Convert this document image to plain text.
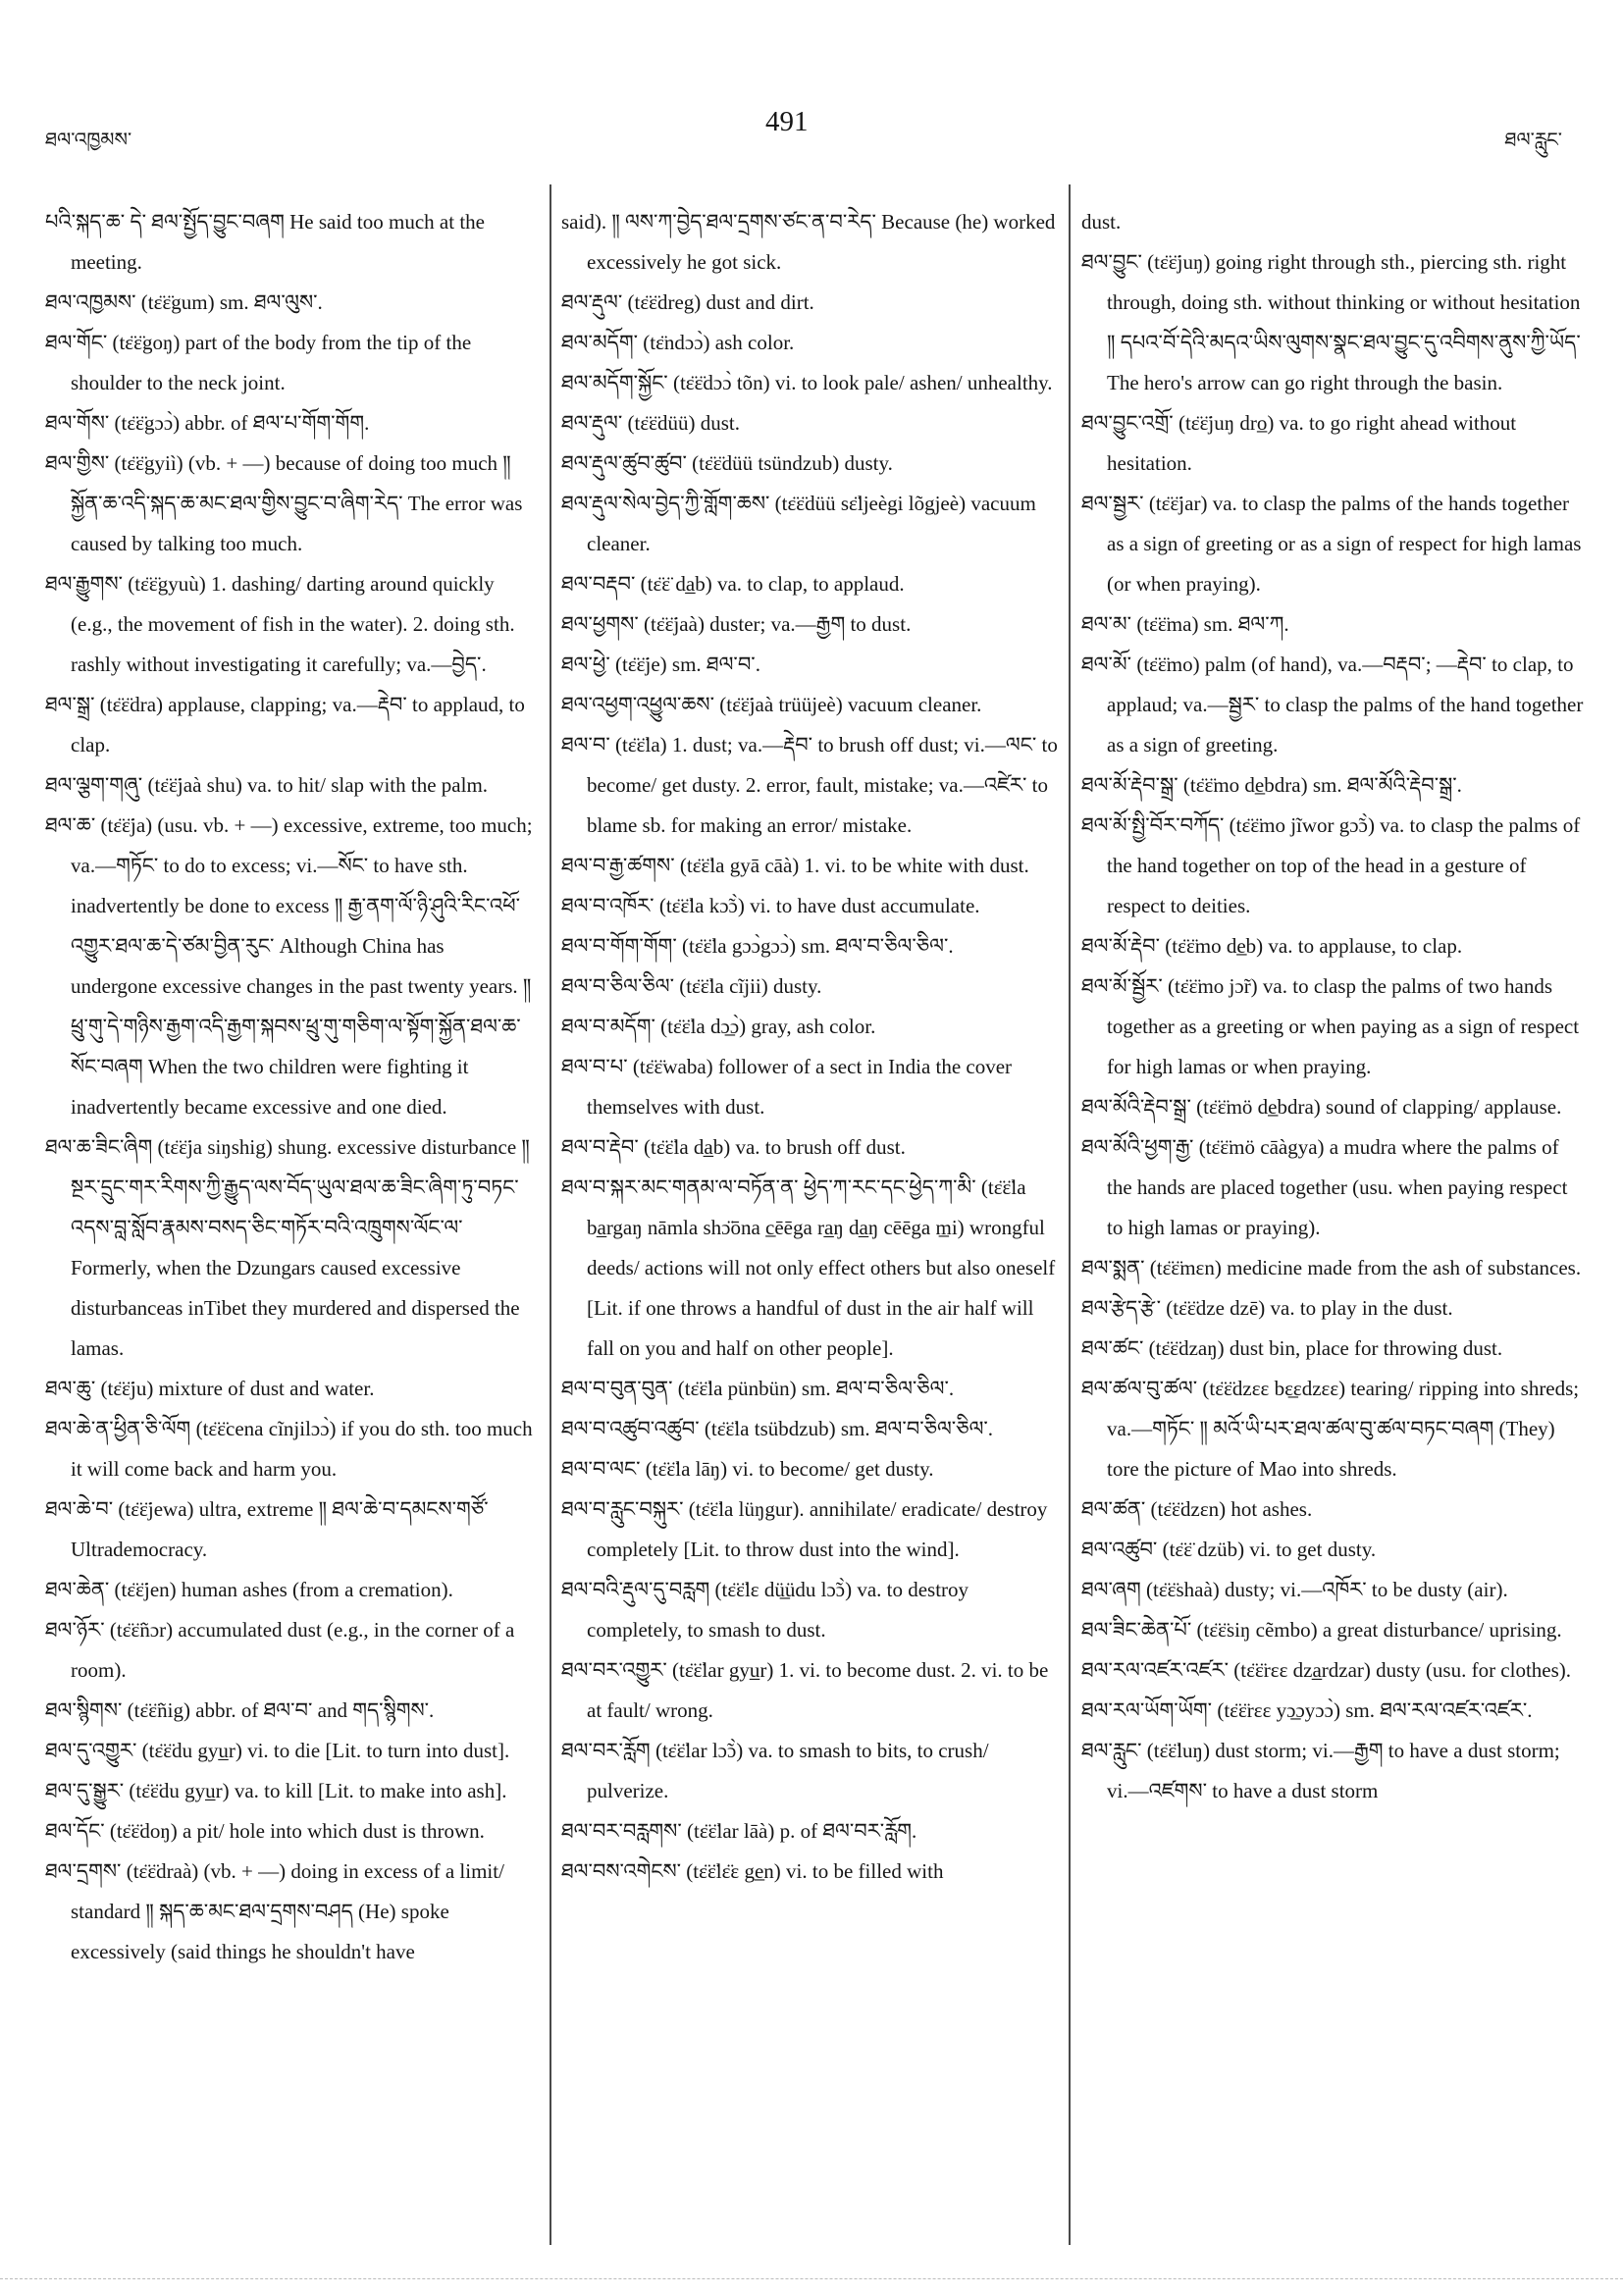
ཐལ་འཁྱམས་
491
ཐལ་རླུང་

པའི་སྐད་ཆ་ དེ་ ཐལ་སྤྱོད་བྱུང་བཞག He said too much at the meeting.

ཐལ་འཁྱམས་ (tɛ̈ɛ̈gum) sm. ཐལ་ལུས་.

ཐལ་གོང་ (tɛ̈ɛ̈goŋ) part of the body from the tip of the shoulder to the neck joint.

ཐལ་གོས་ (tɛ̈ɛ̈gɔɔ̀) abbr. of ཐལ་པ་གོག་གོག.

ཐལ་གྱིས་ (tɛ̈ɛ̈gyiì) (vb. + —) because of doing too much ༎ སྐྱོན་ཆ་འདི་སྐད་ཆ་མང་ཐལ་གྱིས་བྱུང་བ་ཞིག་རེད་ The error was caused by talking too much.

ཐལ་རྒྱུགས་ (tɛ̈ɛ̈gyuù) 1. dashing/ darting around quickly (e.g., the movement of fish in the water). 2. doing sth. rashly without investigating it carefully; va.—བྱེད་.

ཐལ་སྒྲ་ (tɛ̈ɛ̈dra) applause, clapping; va.—རྡེབ་ to applaud, to clap.

ཐལ་ལྕག་གཞུ་ (tɛ̈ɛ̈jaà shu) va. to hit/ slap with the palm.

ཐལ་ཆ་ (tɛ̈ɛ̈ja) (usu. vb. + —) excessive, extreme, too much; va.—གཏོང་ to do to excess; vi.—སོང་ to have sth. inadvertently be done to excess ༎ རྒྱ་ནག་ལོ་ཉི་ཤུའི་རིང་འཕོ་འགྱུར་ཐལ་ཆ་དེ་ཙམ་བྱིན་རུང་ Although China has undergone excessive changes in the past twenty years. ༎ ཕྲུ་གུ་དེ་གཉིས་རྒྱག་འདི་རྒྱག་སྐབས་ཕྲུ་གུ་གཅིག་ལ་སྟོག་སྐྱོན་ཐལ་ཆ་སོང་བཞག When the two children were fighting it inadvertently became excessive and one died.

ཐལ་ཆ་ཟིང་ཞིག (tɛ̈ɛ̈ja siŋshig) shung. excessive disturbance ༎ སྔར་དྲུང་གར་རིགས་ཀྱི་རྒྱུད་ལས་བོད་ཡུལ་ཐལ་ཆ་ཟིང་ཞིག་ཏུ་བཏང་འདས་བླ་སློབ་རྣམས་བསད་ཅིང་གཏོར་བའི་འཁྲུགས་ལོང་ལ་ Formerly, when the Dzungars caused excessive disturbanceas inTibet they murdered and dispersed the lamas.

ཐལ་ཆུ་ (tɛ̈ɛ̈ju) mixture of dust and water.

ཐལ་ཆེ་ན་ཕྱིན་ཅི་ལོག (tɛ̈ɛ̈cena cĩnjilɔɔ̀) if you do sth. too much it will come back and harm you.

ཐལ་ཆེ་བ་ (tɛ̈ɛ̈jewa) ultra, extreme ༎ ཐལ་ཆེ་བ་དམངས་གཙོ་ Ultrademocracy.

ཐལ་ཆེན་ (tɛ̈ɛ̈jen) human ashes (from a cremation).

ཐལ་ཉོར་ (tɛ̈ɛ̈ñɔr) accumulated dust (e.g., in the corner of a room).

ཐལ་སྙིགས་ (tɛ̈ɛ̈ñig) abbr. of ཐལ་བ་ and གད་སྙིགས་.

ཐལ་དུ་འགྱུར་ (tɛ̈ɛ̈du gyu̲r) vi. to die [Lit. to turn into dust].

ཐལ་དུ་སྒྱུར་ (tɛ̈ɛ̈du gyu̲r) va. to kill [Lit. to make into ash].

ཐལ་དོང་ (tɛ̈ɛ̈doŋ) a pit/ hole into which dust is thrown.

ཐལ་དྲགས་ (tɛ̈ɛ̈draà) (vb. + —) doing in excess of a limit/ standard ༎ སྐད་ཆ་མང་ཐལ་དྲགས་བཤད (He) spoke excessively (said things he shouldn't have

said). ༎ ལས་ཀ་བྱེད་ཐལ་དྲགས་ཙང་ན་བ་རེད་ Because (he) worked excessively he got sick.

ཐལ་རྡུལ་ (tɛ̈ɛ̈dreg) dust and dirt.

ཐལ་མདོག་ (tɛ̈ndɔɔ̀) ash color.

ཐལ་མདོག་སྐྱོང་ (tɛ̈ɛ̈dɔɔ̀ tõn) vi. to look pale/ ashen/ unhealthy.

ཐལ་རྡུལ་ (tɛ̈ɛ̈düü) dust.

ཐལ་རྡུལ་ཚུབ་ཚུབ་ (tɛ̈ɛ̈düü tsündzub) dusty.

ཐལ་རྡུལ་སེལ་བྱེད་ཀྱི་གློག་ཆས་ (tɛ̈ɛ̈düü sɛ̈ljeègi lõgjeè) vacuum cleaner.

ཐལ་བརྡབ་ (tɛ̈ɛ̈ da̲b) va. to clap, to applaud.

ཐལ་ཕྱགས་ (tɛ̈ɛ̈jaà) duster; va.—རྒྱག to dust.

ཐལ་ཕྱེ་ (tɛ̈ɛ̈je) sm. ཐལ་བ་.

ཐལ་འཕྱག་འཕྱུལ་ཆས་ (tɛ̈ɛ̈jaà trüüjeè) vacuum cleaner.

ཐལ་བ་ (tɛ̈ɛ̈la) 1. dust; va.—རྡེབ་ to brush off dust; vi.—ལང་ to become/ get dusty. 2. error, fault, mistake; va.—འཛེར་ to blame sb. for making an error/ mistake.

ཐལ་བ་རྒྱ་ཚགས་ (tɛ̈ɛ̈la gyā cāà) 1. vi. to be white with dust.

ཐལ་བ་འཁོར་ (tɛ̈ɛ̈la kɔ̃ɔ̀) vi. to have dust accumulate.

ཐལ་བ་གོག་གོག་ (tɛ̈ɛ̈la gɔɔ̀gɔɔ̀) sm. ཐལ་བ་ཅིལ་ཅིལ་.

ཐལ་བ་ཅིལ་ཅིལ་ (tɛ̈ɛ̈la cĩjii) dusty.

ཐལ་བ་མདོག་ (tɛ̈ɛ̈la dɔ̲ɔ̀) gray, ash color.

ཐལ་བ་པ་ (tɛ̈ɛ̈waba) follower of a sect in India the cover themselves with dust.

ཐལ་བ་རྡེབ་ (tɛ̈ɛ̈la da̲b) va. to brush off dust.

ཐལ་བ་སྐར་མང་གནམ་ལ་བཏོན་ན་ ཕྱེད་ཀ་རང་དང་ཕྱེད་ཀ་མི་ (tɛ̈ɛ̈la ba̲rgaŋ nāmla shɔ̈ōna c̲ēēga ra̲ŋ da̲ŋ cēēga m̲i) wrongful deeds/ actions will not only effect others but also oneself [Lit. if one throws a handful of dust in the air half will fall on you and half on other people].

ཐལ་བ་བུན་བུན་ (tɛ̈ɛ̈la pünbün) sm. ཐལ་བ་ཅིལ་ཅིལ་.

ཐལ་བ་འཚུབ་འཚུབ་ (tɛ̈ɛ̈la tsübdzub) sm. ཐལ་བ་ཅིལ་ཅིལ་.

ཐལ་བ་ལང་ (tɛ̈ɛ̈la lāŋ) vi. to become/ get dusty.

ཐལ་བ་རླུང་བསྐུར་ (tɛ̈ɛ̈la lüŋgur). annihilate/ eradicate/ destroy completely [Lit. to throw dust into the wind].

ཐལ་བའི་རྡུལ་དུ་བརླག (tɛ̈ɛ̈lɛ dü̲üdu lɔ̃ɔ̀) va. to destroy completely, to smash to dust.

ཐལ་བར་འགྱུར་ (tɛ̈ɛ̈lar gyu̲r) 1. vi. to become dust. 2. vi. to be at fault/ wrong.

ཐལ་བར་རློག (tɛ̈ɛ̈lar lɔ̃ɔ̀) va. to smash to bits, to crush/ pulverize.

ཐལ་བར་བརླགས་ (tɛ̈ɛ̈lar lāà) p. of ཐལ་བར་རློག.

ཐལ་བས་འགེངས་ (tɛ̈ɛ̈lɛ̈ɛ ge̲n) vi. to be filled with

dust.

ཐལ་བྱུང་ (tɛ̈ɛ̈juŋ) going right through sth., piercing sth. right through, doing sth. without thinking or without hesitation ༎ དཔའ་བོ་དེའི་མདའ་ཡིས་ལུགས་སྣང་ཐལ་བྱུང་དུ་འབིགས་ནུས་ཀྱི་ཡོད་ The hero's arrow can go right through the basin.

ཐལ་བྱུང་འགྲོ་ (tɛ̈ɛ̈juŋ dro̲) va. to go right ahead without hesitation.

ཐལ་སྦྱར་ (tɛ̈ɛ̈jar) va. to clasp the palms of the hands together as a sign of greeting or as a sign of respect for high lamas (or when praying).

ཐལ་མ་ (tɛ̈ɛ̈ma) sm. ཐལ་ཀ.

ཐལ་མོ་ (tɛ̈ɛ̈mo) palm (of hand), va.—བརྡབ་; —རྡེབ་ to clap, to applaud; va.—སྦྱར་ to clasp the palms of the hand together as a sign of greeting.

ཐལ་མོ་རྡེབ་སྒྲ་ (tɛ̈ɛ̈mo de̲bdra) sm. ཐལ་མོའི་རྡེབ་སྒྲ་.

ཐལ་མོ་སྤྱི་བོར་བཀོད་ (tɛ̈ɛ̈mo jĩwor gɔ̃ɔ̀) va. to clasp the palms of the hand together on top of the head in a gesture of respect to deities.

ཐལ་མོ་རྡེབ་ (tɛ̈ɛ̈mo de̲b) va. to applause, to clap.

ཐལ་མོ་སྦྱོར་ (tɛ̈ɛ̈mo jɔ̃r) va. to clasp the palms of two hands together as a greeting or when paying as a sign of respect for high lamas or when praying.

ཐལ་མོའི་རྡེབ་སྒྲ་ (tɛ̈ɛ̈mö de̲bdra) sound of clapping/ applause.

ཐལ་མོའི་ཕྱག་རྒྱ་ (tɛ̈ɛ̈mö cāàgya) a mudra where the palms of the hands are placed together (usu. when paying respect to high lamas or praying).

ཐལ་སྨན་ (tɛ̈ɛ̈mɛn) medicine made from the ash of substances.

ཐལ་རྩེད་རྩེ་ (tɛ̈ɛ̈dze dzē) va. to play in the dust.

ཐལ་ཚང་ (tɛ̈ɛ̈dzaŋ) dust bin, place for throwing dust.

ཐལ་ཚལ་བུ་ཚལ་ (tɛ̈ɛ̈dzɛɛ bɛ̲ɛdzɛɛ) tearing/ ripping into shreds; va.—གཏོང་ ༎ མའོ་ཡི་པར་ཐལ་ཚལ་བུ་ཚལ་བཏང་བཞག (They) tore the picture of Mao into shreds.

ཐལ་ཚན་ (tɛ̈ɛ̈dzɛn) hot ashes.

ཐལ་འཚུབ་ (tɛ̈ɛ̈ dzüb) vi. to get dusty.

ཐལ་ཞག (tɛ̈ɛ̈shaà) dusty; vi.—འཁོར་ to be dusty (air).

ཐལ་ཟིང་ཆེན་པོ་ (tɛ̈ɛ̈siŋ cẽmbo) a great disturbance/ uprising.

ཐལ་རལ་འཛར་འཛར་ (tɛ̈ɛ̈rɛɛ dza̲rdzar) dusty (usu. for clothes).

ཐལ་རལ་ཡོག་ཡོག་ (tɛ̈ɛ̈rɛɛ yɔ̲ɔyɔɔ̀) sm. ཐལ་རལ་འཛར་འཛར་.

ཐལ་རླུང་ (tɛ̈ɛ̈luŋ) dust storm; vi.—རྒྱག to have a dust storm; vi.—འཛགས་ to have a dust storm
